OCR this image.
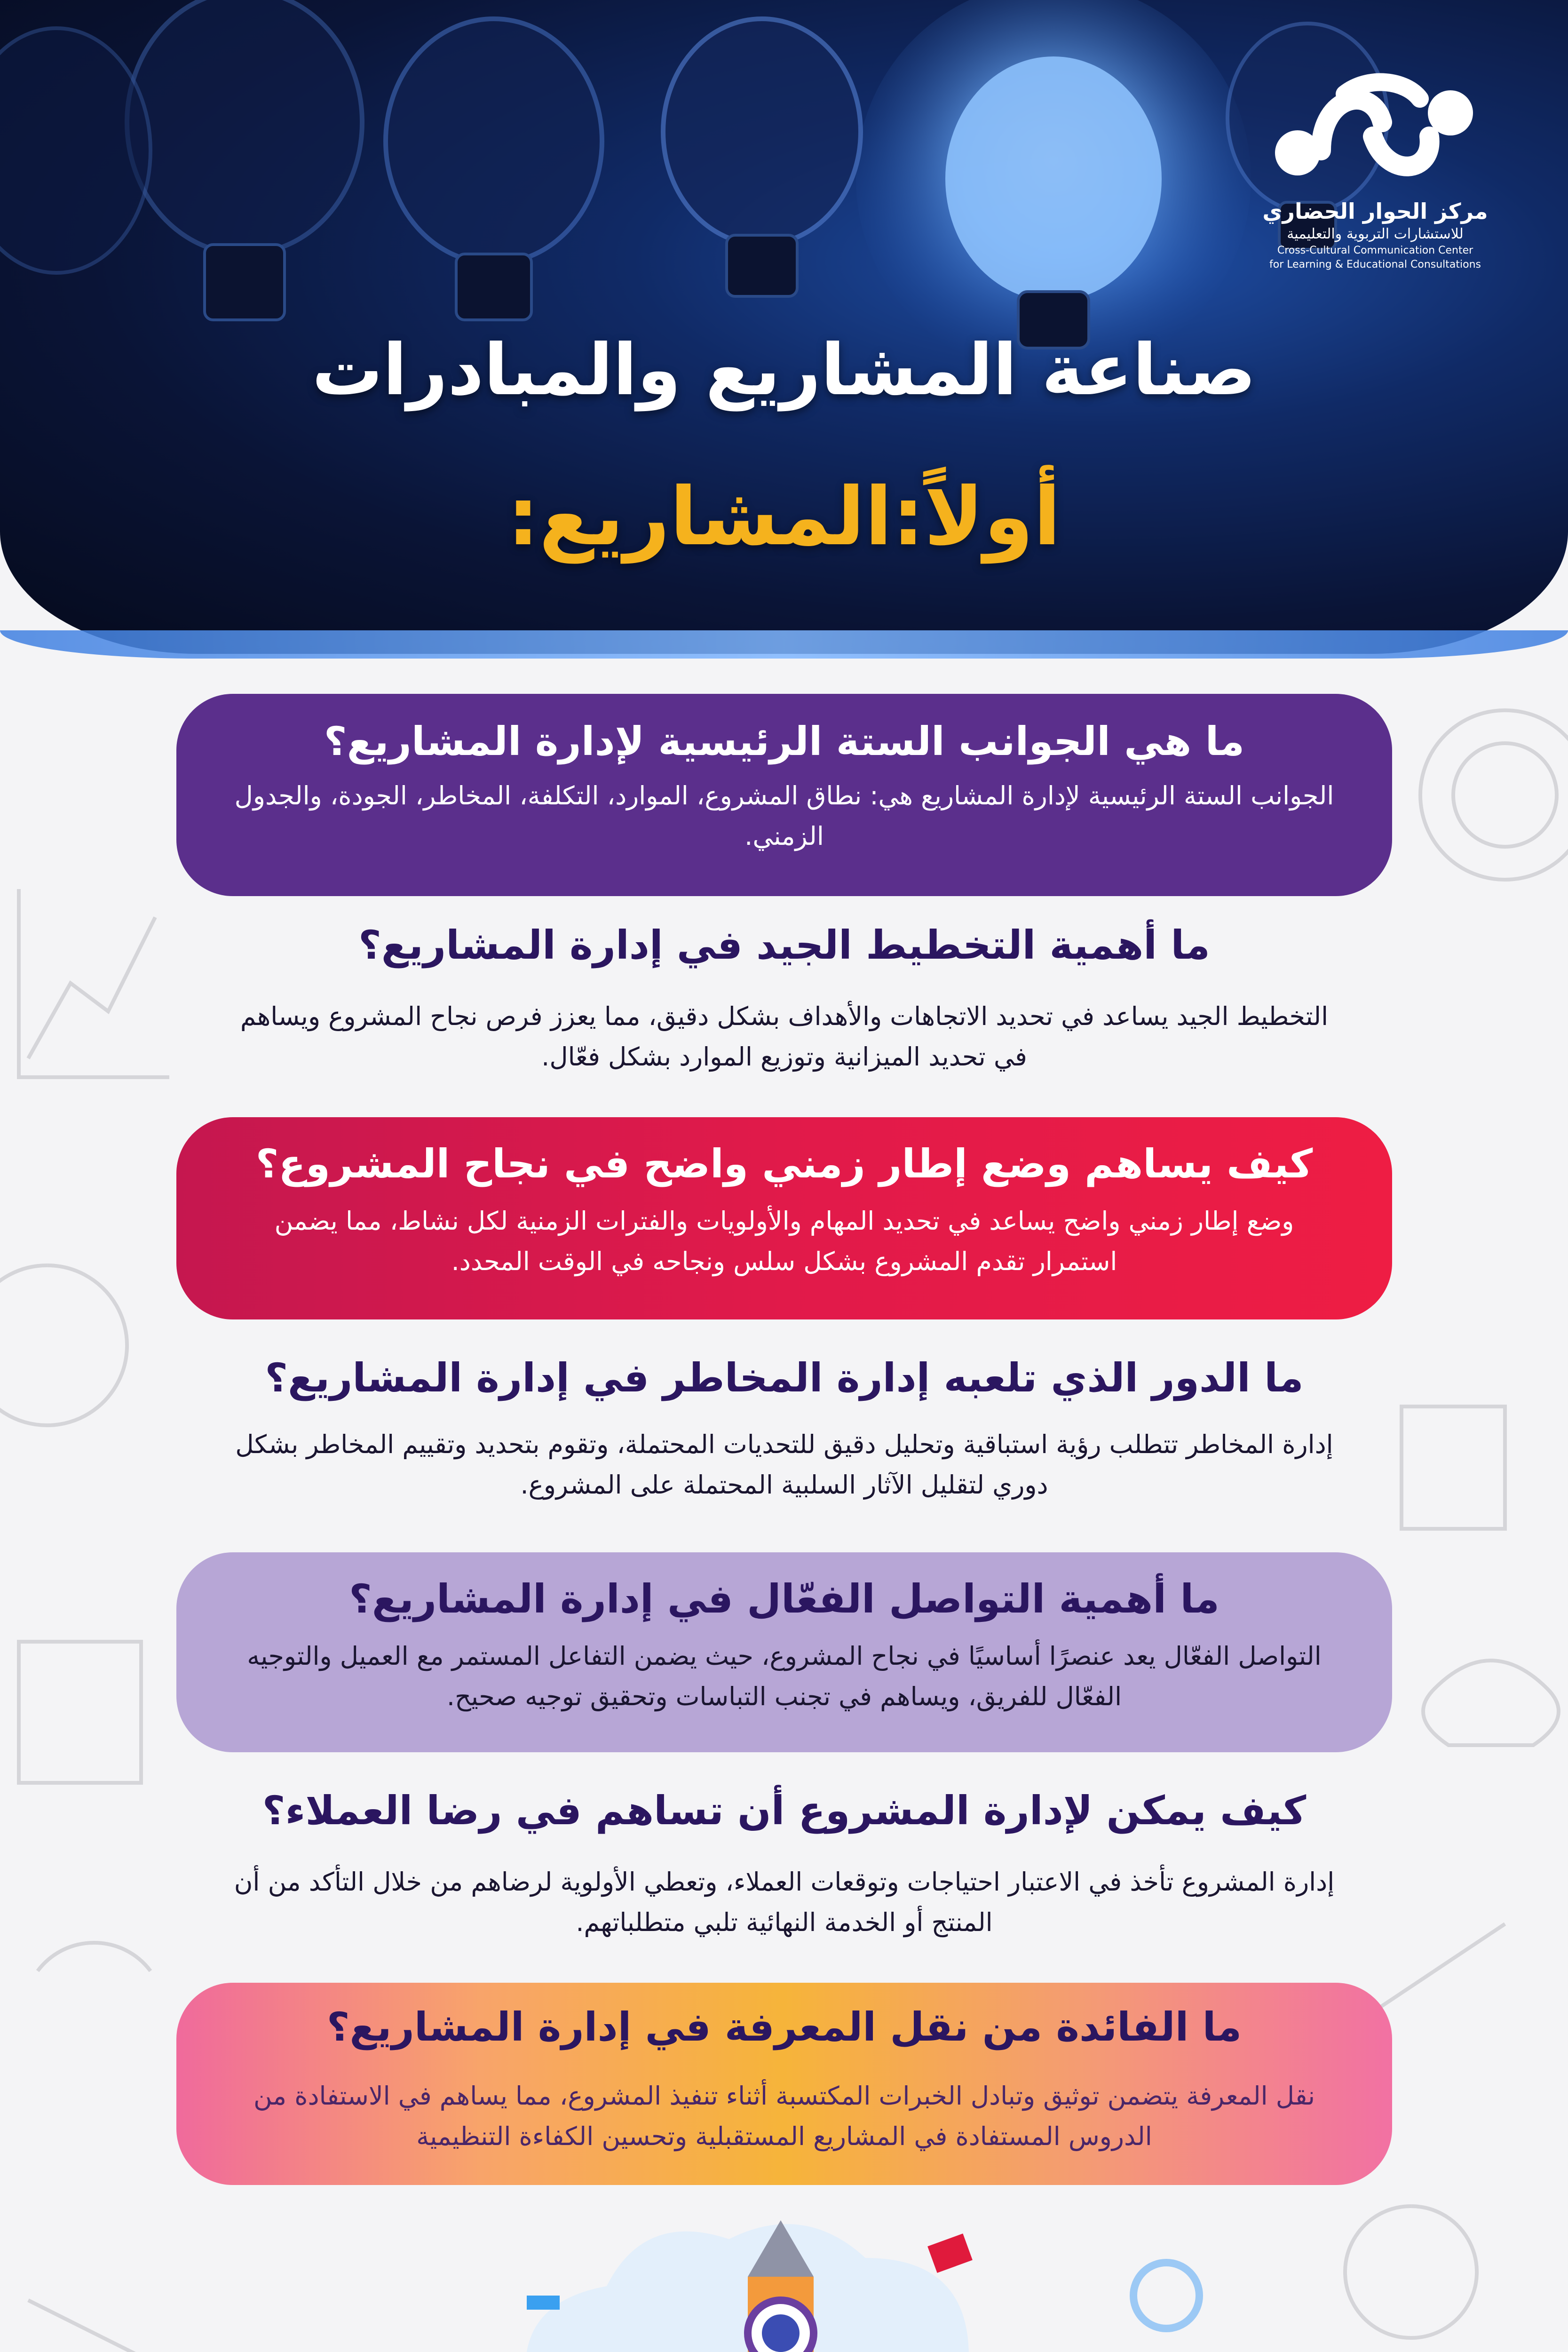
مركز الحوار الحضاري
للاستشارات التربوية والتعليمية
Cross-Cultural Communication Center
for Learning & Educational Consultations
صناعة المشاريع والمبادرات
أولاً:المشاريع:
ما هي الجوانب الستة الرئيسية لإدارة المشاريع؟
الجوانب الستة الرئيسية لإدارة المشاريع هي: نطاق المشروع، الموارد، التكلفة، المخاطر، الجودة، والجدول الزمني.
ما أهمية التخطيط الجيد في إدارة المشاريع؟
التخطيط الجيد يساعد في تحديد الاتجاهات والأهداف بشكل دقيق، مما يعزز فرص نجاح المشروع ويساهم في تحديد الميزانية وتوزيع الموارد بشكل فعّال.
كيف يساهم وضع إطار زمني واضح في نجاح المشروع؟
وضع إطار زمني واضح يساعد في تحديد المهام والأولويات والفترات الزمنية لكل نشاط، مما يضمن استمرار تقدم المشروع بشكل سلس ونجاحه في الوقت المحدد.
ما الدور الذي تلعبه إدارة المخاطر في إدارة المشاريع؟
إدارة المخاطر تتطلب رؤية استباقية وتحليل دقيق للتحديات المحتملة، وتقوم بتحديد وتقييم المخاطر بشكل دوري لتقليل الآثار السلبية المحتملة على المشروع.
ما أهمية التواصل الفعّال في إدارة المشاريع؟
التواصل الفعّال يعد عنصرًا أساسيًا في نجاح المشروع، حيث يضمن التفاعل المستمر مع العميل والتوجيه الفعّال للفريق، ويساهم في تجنب التباسات وتحقيق توجيه صحيح.
كيف يمكن لإدارة المشروع أن تساهم في رضا العملاء؟
إدارة المشروع تأخذ في الاعتبار احتياجات وتوقعات العملاء، وتعطي الأولوية لرضاهم من خلال التأكد من أن المنتج أو الخدمة النهائية تلبي متطلباتهم.
ما الفائدة من نقل المعرفة في إدارة المشاريع؟
نقل المعرفة يتضمن توثيق وتبادل الخبرات المكتسبة أثناء تنفيذ المشروع، مما يساهم في الاستفادة من الدروس المستفادة في المشاريع المستقبلية وتحسين الكفاءة التنظيمية
